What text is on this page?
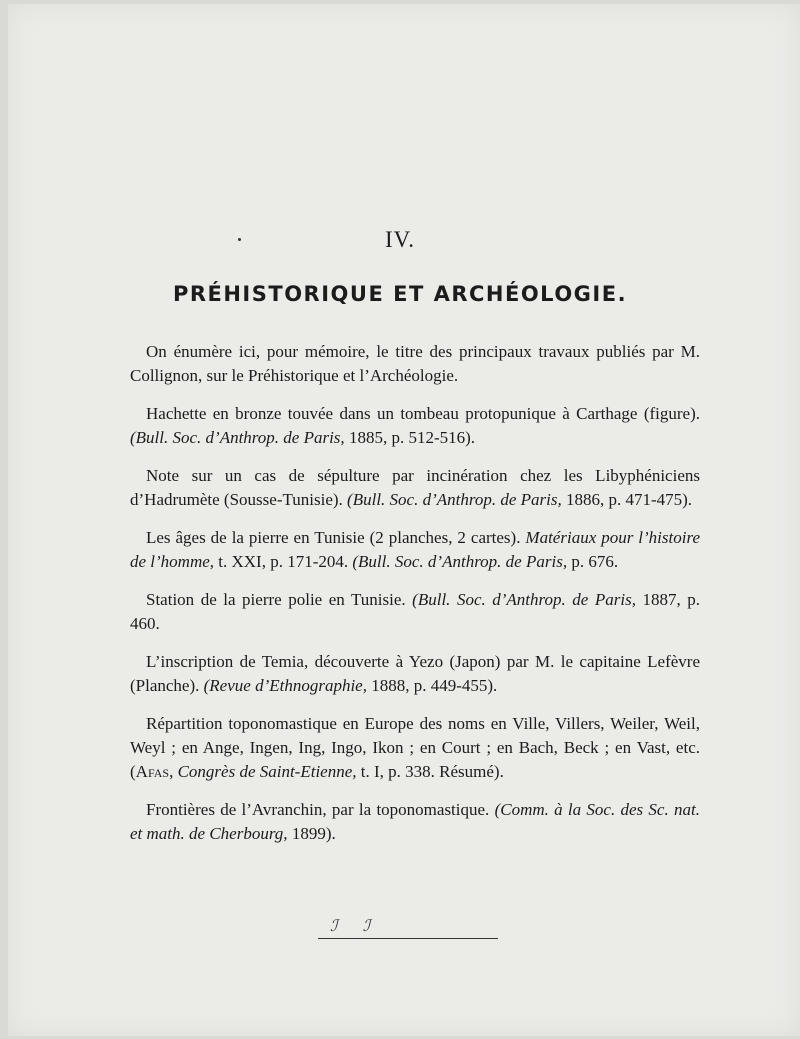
IV.
PRÉHISTORIQUE ET ARCHÉOLOGIE.

On énumère ici, pour mémoire, le titre des principaux travaux publiés par M. Collignon, sur le Préhistorique et l’Archéologie.

Hachette en bronze touvée dans un tombeau protopunique à Carthage (figure). (Bull. Soc. d’Anthrop. de Paris, 1885, p. 512-516).

Note sur un cas de sépulture par incinération chez les Libyphéniciens d’Hadrumète (Sousse-Tunisie). (Bull. Soc. d’Anthrop. de Paris, 1886, p. 471-475).

Les âges de la pierre en Tunisie (2 planches, 2 cartes). Matériaux pour l’histoire de l’homme, t. XXI, p. 171-204. (Bull. Soc. d’Anthrop. de Paris, p. 676.

Station de la pierre polie en Tunisie. (Bull. Soc. d’Anthrop. de Paris, 1887, p. 460.

L’inscription de Temia, découverte à Yezo (Japon) par M. le capitaine Lefèvre (Planche). (Revue d’Ethnographie, 1888, p. 449-455).

Répartition toponomastique en Europe des noms en Ville, Villers, Weiler, Weil, Weyl ; en Ange, Ingen, Ing, Ingo, Ikon ; en Court ; en Bach, Beck ; en Vast, etc. (Afas, Congrès de Saint-Etienne, t. I, p. 338. Résumé).

Frontières de l’Avranchin, par la toponomastique. (Comm. à la Soc. des Sc. nat. et math. de Cherbourg, 1899).

ℐ ℐ
